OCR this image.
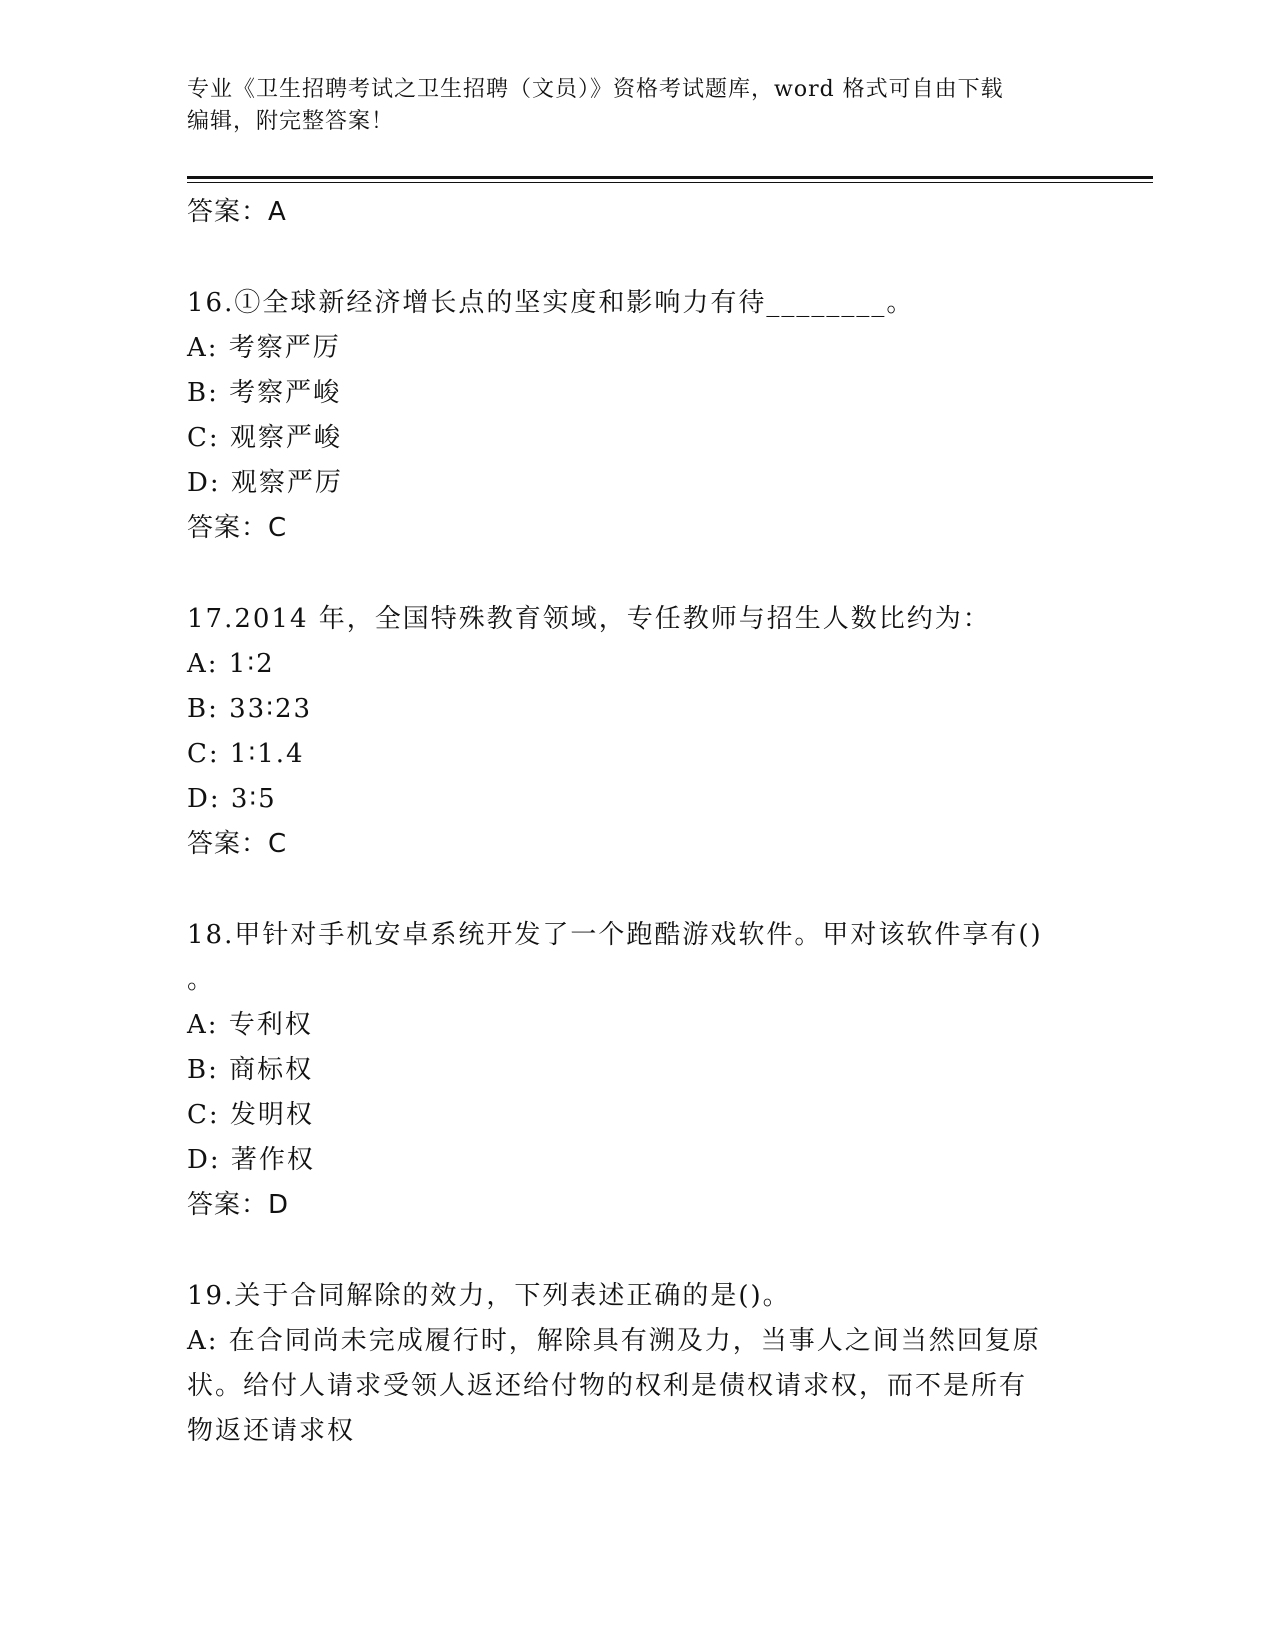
专业《卫生招聘考试之卫生招聘（文员）》资格考试题库，word 格式可自由下载
编辑，附完整答案！
答案：A
16.①全球新经济增长点的坚实度和影响力有待________。
A: 考察严厉
B: 考察严峻
C: 观察严峻
D: 观察严厉
答案：C
17.2014 年，全国特殊教育领域，专任教师与招生人数比约为：
A: 1∶2
B: 33∶23
C: 1∶1.4
D: 3∶5
答案：C
18.甲针对手机安卓系统开发了一个跑酷游戏软件。甲对该软件享有()
。
A: 专利权
B: 商标权
C: 发明权
D: 著作权
答案：D
19.关于合同解除的效力，下列表述正确的是()。
A: 在合同尚未完成履行时，解除具有溯及力，当事人之间当然回复原
状。给付人请求受领人返还给付物的权利是债权请求权，而不是所有
物返还请求权
